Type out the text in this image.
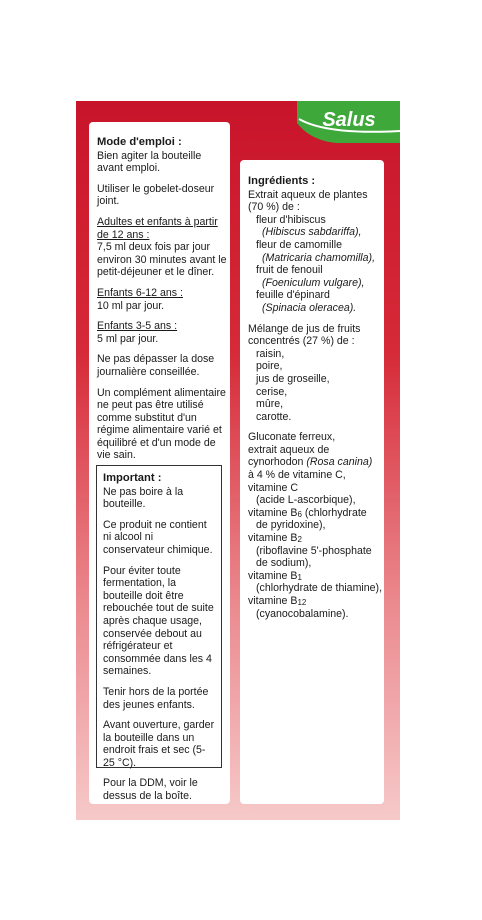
Salus
Mode d'emploi :

Bien agiter la bouteille avant emploi.

Utiliser le gobelet-doseur joint.

Adultes et enfants à partir de 12 ans :

7,5 ml deux fois par jour environ 30 minutes avant le petit-déjeuner et le dîner.

Enfants 6-12 ans :

10 ml par jour.

Enfants 3-5 ans :

5 ml par jour.

Ne pas dépasser la dose journalière conseillée.

Un complément alimentaire ne peut pas être utilisé comme substitut d'un régime alimentaire varié et équilibré et d'un mode de vie sain.

Important :

Ne pas boire à la bouteille.

Ce produit ne contient ni alcool ni conservateur chimique.

Pour éviter toute fermentation, la bouteille doit être rebouchée tout de suite après chaque usage, conservée debout au réfrigérateur et consommée dans les 4 semaines.

Tenir hors de la portée des jeunes enfants.

Avant ouverture, garder la bouteille dans un endroit frais et sec (5-25 °C).

Pour la DDM, voir le dessus de la boîte.

Ingrédients :
Extrait aqueux de plantes (70 %) de :
fleur d'hibiscus
(Hibiscus sabdariffa),
fleur de camomille
(Matricaria chamomilla),
fruit de fenouil
(Foeniculum vulgare),
feuille d'épinard
(Spinacia oleracea).
Mélange de jus de fruits concentrés (27 %) de :
raisin,
poire,
jus de groseille,
cerise,
mûre,
carotte.
Gluconate ferreux,
extrait aqueux de cynorhodon (Rosa canina)
à 4 % de vitamine C,
vitamine C
(acide L-ascorbique),
vitamine $B_6$ (chlorhydrate
de pyridoxine),
vitamine $B_2$
(riboflavine 5'-phosphate de sodium),
vitamine $B_1$
(chlorhydrate de thiamine),
vitamine $B_{12}$
(cyanocobalamine).
